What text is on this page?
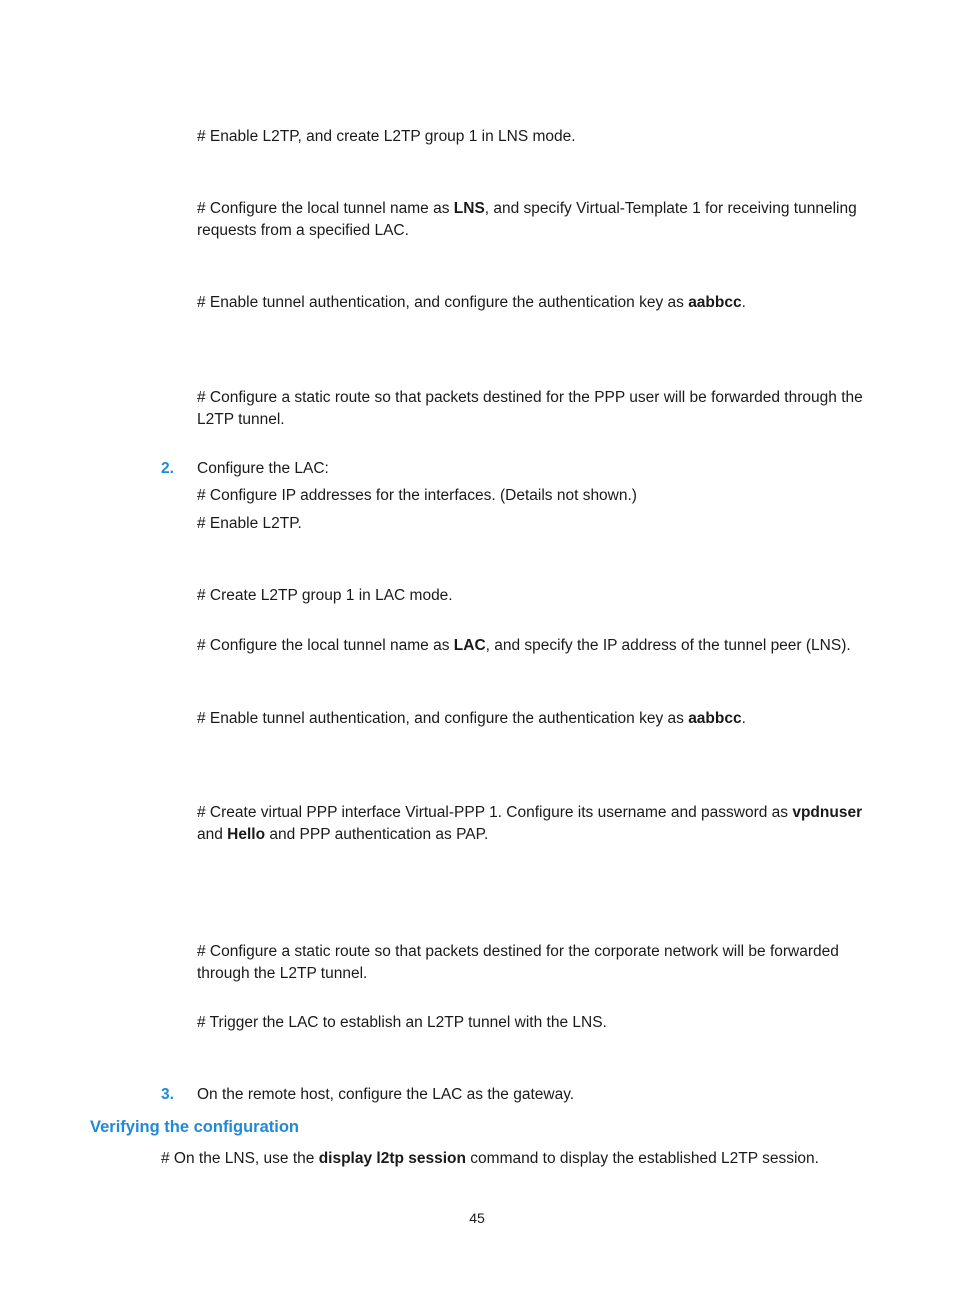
# Enable L2TP, and create L2TP group 1 in LNS mode.
# Configure the local tunnel name as LNS, and specify Virtual-Template 1 for receiving tunneling requests from a specified LAC.
# Enable tunnel authentication, and configure the authentication key as aabbcc.
# Configure a static route so that packets destined for the PPP user will be forwarded through the L2TP tunnel.
2. Configure the LAC:
# Configure IP addresses for the interfaces. (Details not shown.)
# Enable L2TP.
# Create L2TP group 1 in LAC mode.
# Configure the local tunnel name as LAC, and specify the IP address of the tunnel peer (LNS).
# Enable tunnel authentication, and configure the authentication key as aabbcc.
# Create virtual PPP interface Virtual-PPP 1. Configure its username and password as vpdnuser and Hello and PPP authentication as PAP.
# Configure a static route so that packets destined for the corporate network will be forwarded through the L2TP tunnel.
# Trigger the LAC to establish an L2TP tunnel with the LNS.
3. On the remote host, configure the LAC as the gateway.
Verifying the configuration
# On the LNS, use the display l2tp session command to display the established L2TP session.
45
